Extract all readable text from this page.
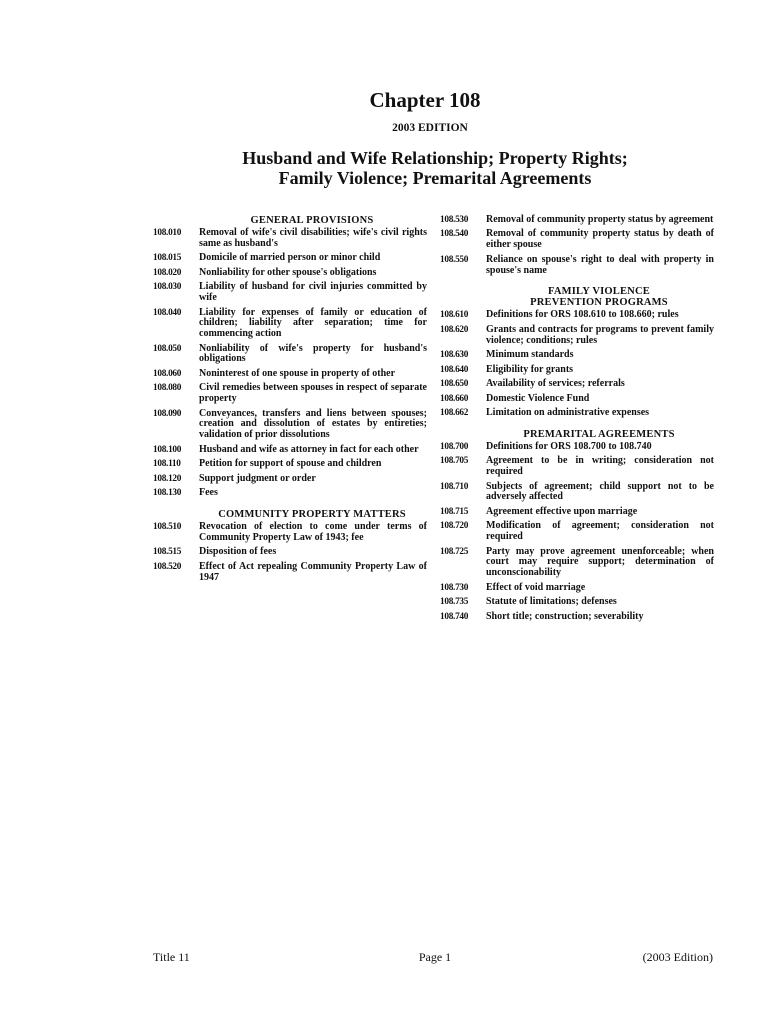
Chapter 108
2003 EDITION
Husband and Wife Relationship; Property Rights;
Family Violence; Premarital Agreements
GENERAL PROVISIONS
108.010	Removal of wife's civil disabilities; wife's civil rights same as husband's
108.015	Domicile of married person or minor child
108.020	Nonliability for other spouse's obligations
108.030	Liability of husband for civil injuries committed by wife
108.040	Liability for expenses of family or education of children; liability after separation; time for commencing action
108.050	Nonliability of wife's property for husband's obligations
108.060	Noninterest of one spouse in property of other
108.080	Civil remedies between spouses in respect of separate property
108.090	Conveyances, transfers and liens between spouses; creation and dissolution of estates by entireties; validation of prior dissolutions
108.100	Husband and wife as attorney in fact for each other
108.110	Petition for support of spouse and children
108.120	Support judgment or order
108.130	Fees
COMMUNITY PROPERTY MATTERS
108.510	Revocation of election to come under terms of Community Property Law of 1943; fee
108.515	Disposition of fees
108.520	Effect of Act repealing Community Property Law of 1947
108.530	Removal of community property status by agreement
108.540	Removal of community property status by death of either spouse
108.550	Reliance on spouse's right to deal with property in spouse's name
FAMILY VIOLENCE
PREVENTION PROGRAMS
108.610	Definitions for ORS 108.610 to 108.660; rules
108.620	Grants and contracts for programs to prevent family violence; conditions; rules
108.630	Minimum standards
108.640	Eligibility for grants
108.650	Availability of services; referrals
108.660	Domestic Violence Fund
108.662	Limitation on administrative expenses
PREMARITAL AGREEMENTS
108.700	Definitions for ORS 108.700 to 108.740
108.705	Agreement to be in writing; consideration not required
108.710	Subjects of agreement; child support not to be adversely affected
108.715	Agreement effective upon marriage
108.720	Modification of agreement; consideration not required
108.725	Party may prove agreement unenforceable; when court may require support; determination of unconscionability
108.730	Effect of void marriage
108.735	Statute of limitations; defenses
108.740	Short title; construction; severability
Title 11	Page 1	(2003 Edition)
